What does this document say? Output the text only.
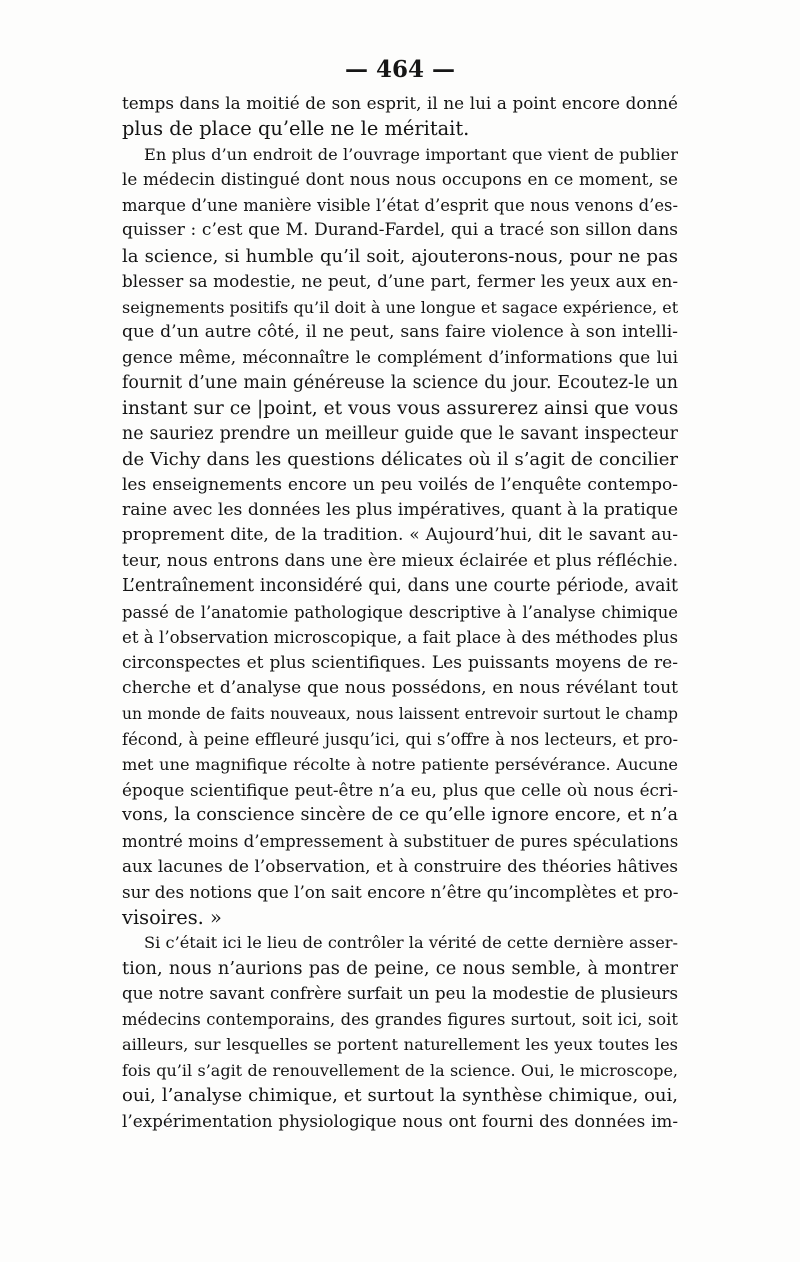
— 464 —
temps dans la moitié de son esprit, il ne lui a point encore donné
plus de place qu’elle ne le méritait.
En plus d’un endroit de l’ouvrage important que vient de publier
le médecin distingué dont nous nous occupons en ce moment, se
marque d’une manière visible l’état d’esprit que nous venons d’es-
quisser : c’est que M. Durand-Fardel, qui a tracé son sillon dans
la science, si humble qu’il soit, ajouterons-nous, pour ne pas
blesser sa modestie, ne peut, d’une part, fermer les yeux aux en-
seignements positifs qu’il doit à une longue et sagace expérience, et
que d’un autre côté, il ne peut, sans faire violence à son intelli-
gence même, méconnaître le complément d’informations que lui
fournit d’une main généreuse la science du jour. Ecoutez-le un
instant sur ce |point, et vous vous assurerez ainsi que vous
ne sauriez prendre un meilleur guide que le savant inspecteur
de Vichy dans les questions délicates où il s’agit de concilier
les enseignements encore un peu voilés de l’enquête contempo-
raine avec les données les plus impératives, quant à la pratique
proprement dite, de la tradition. « Aujourd’hui, dit le savant au-
teur, nous entrons dans une ère mieux éclairée et plus réfléchie.
L’entraînement inconsidéré qui, dans une courte période, avait
passé de l’anatomie pathologique descriptive à l’analyse chimique
et à l’observation microscopique, a fait place à des méthodes plus
circonspectes et plus scientifiques. Les puissants moyens de re-
cherche et d’analyse que nous possédons, en nous révélant tout
un monde de faits nouveaux, nous laissent entrevoir surtout le champ
fécond, à peine effleuré jusqu’ici, qui s’offre à nos lecteurs, et pro-
met une magnifique récolte à notre patiente persévérance. Aucune
époque scientifique peut-être n’a eu, plus que celle où nous écri-
vons, la conscience sincère de ce qu’elle ignore encore, et n’a
montré moins d’empressement à substituer de pures spéculations
aux lacunes de l’observation, et à construire des théories hâtives
sur des notions que l’on sait encore n’être qu’incomplètes et pro-
visoires. »
Si c’était ici le lieu de contrôler la vérité de cette dernière asser-
tion, nous n’aurions pas de peine, ce nous semble, à montrer
que notre savant confrère surfait un peu la modestie de plusieurs
médecins contemporains, des grandes figures surtout, soit ici, soit
ailleurs, sur lesquelles se portent naturellement les yeux toutes les
fois qu’il s’agit de renouvellement de la science. Oui, le microscope,
oui, l’analyse chimique, et surtout la synthèse chimique, oui,
l’expérimentation physiologique nous ont fourni des données im-
